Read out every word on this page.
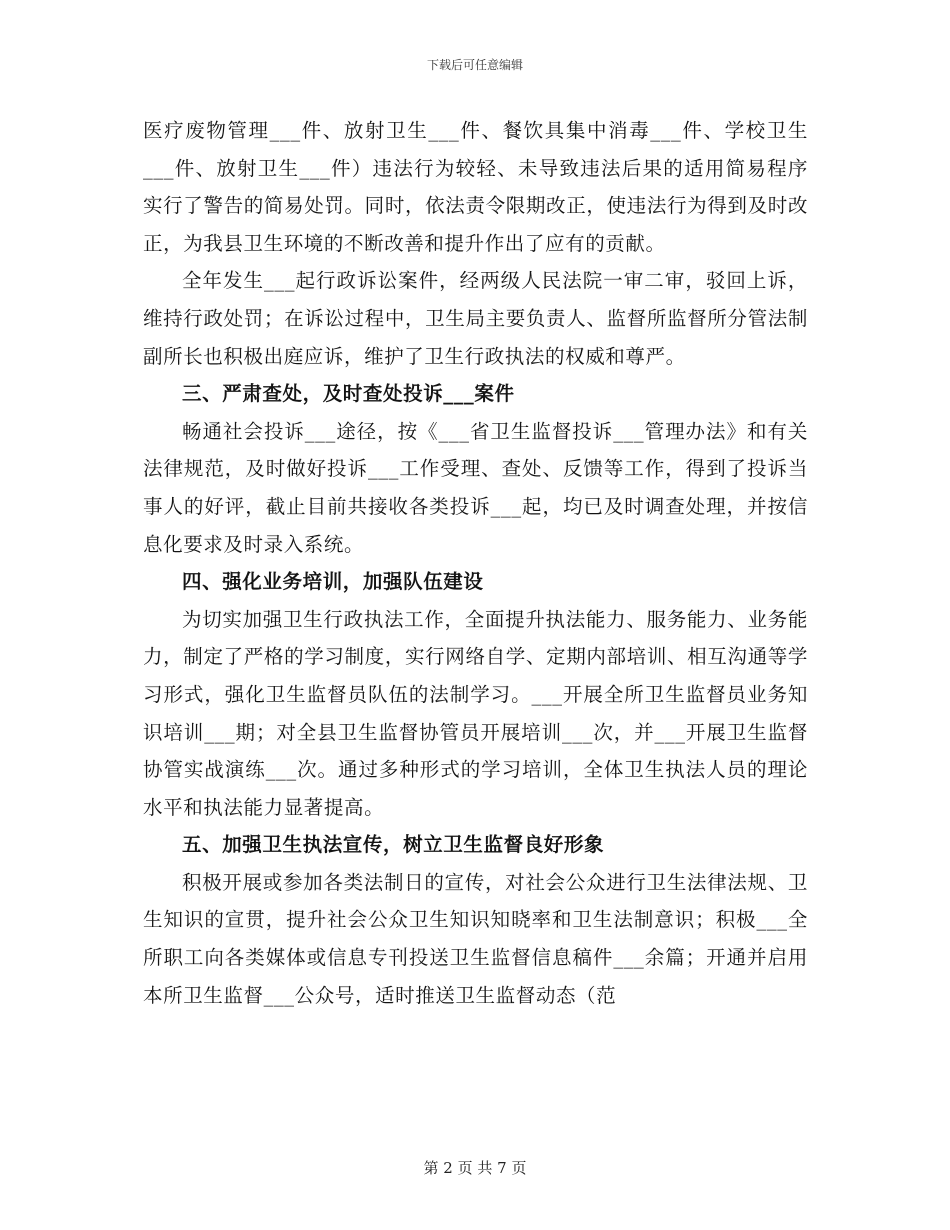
下载后可任意编辑

医疗废物管理___件、放射卫生___件、餐饮具集中消毒___件、学校卫生___件、放射卫生___件）违法行为较轻、未导致违法后果的适用简易程序实行了警告的简易处罚。同时，依法责令限期改正，使违法行为得到及时改正，为我县卫生环境的不断改善和提升作出了应有的贡献。

全年发生___起行政诉讼案件，经两级人民法院一审二审，驳回上诉，维持行政处罚；在诉讼过程中，卫生局主要负责人、监督所监督所分管法制副所长也积极出庭应诉，维护了卫生行政执法的权威和尊严。

三、严肃查处，及时查处投诉___案件

畅通社会投诉___途径，按《___省卫生监督投诉___管理办法》和有关法律规范，及时做好投诉___工作受理、查处、反馈等工作，得到了投诉当事人的好评，截止目前共接收各类投诉___起，均已及时调查处理，并按信息化要求及时录入系统。

四、强化业务培训，加强队伍建设

为切实加强卫生行政执法工作，全面提升执法能力、服务能力、业务能力，制定了严格的学习制度，实行网络自学、定期内部培训、相互沟通等学习形式，强化卫生监督员队伍的法制学习。___开展全所卫生监督员业务知识培训___期；对全县卫生监督协管员开展培训___次，并___开展卫生监督协管实战演练___次。通过多种形式的学习培训，全体卫生执法人员的理论水平和执法能力显著提高。

五、加强卫生执法宣传，树立卫生监督良好形象

积极开展或参加各类法制日的宣传，对社会公众进行卫生法律法规、卫生知识的宣贯，提升社会公众卫生知识知晓率和卫生法制意识；积极___全所职工向各类媒体或信息专刊投送卫生监督信息稿件___余篇；开通并启用本所卫生监督___公众号，适时推送卫生监督动态（范

第 2 页 共 7 页
